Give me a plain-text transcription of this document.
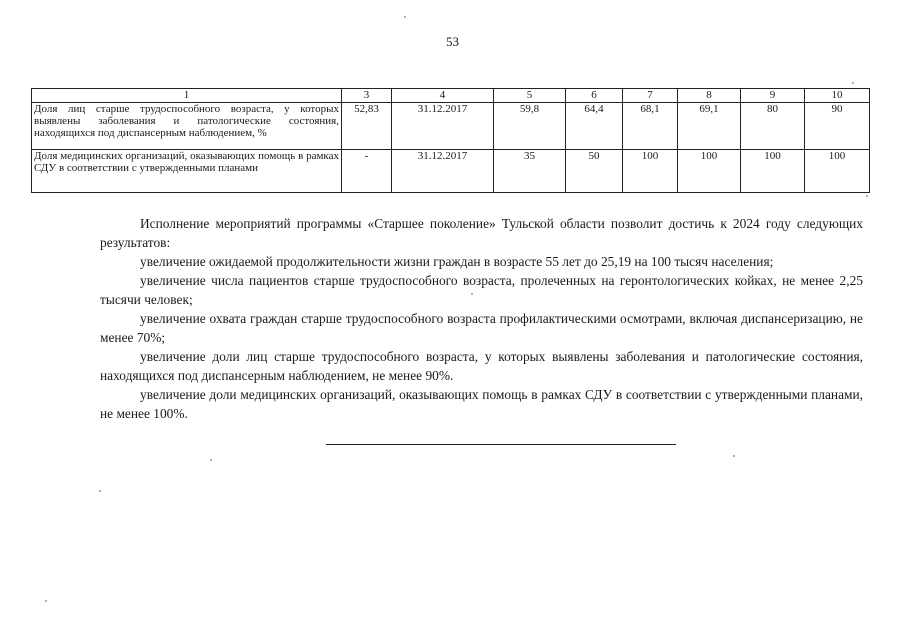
53
1	3	4	5	6	7	8	9	10
Доля лиц старше трудоспособного возраста, у которых выявлены заболевания и патологические состояния, находящихся под диспансерным наблюдением, %	52,83	31.12.2017	59,8	64,4	68,1	69,1	80	90
Доля медицинских организаций, оказывающих помощь в рамках СДУ в соответствии с утвержденными планами	-	31.12.2017	35	50	100	100	100	100

Исполнение мероприятий программы «Старшее поколение» Тульской области позволит достичь к 2024 году следующих результатов:

увеличение ожидаемой продолжительности жизни граждан в возрасте 55 лет до 25,19 на 100 тысяч населения;

увеличение числа пациентов старше трудоспособного возраста, пролеченных на геронтологических койках, не менее 2,25 тысячи человек;

увеличение охвата граждан старше трудоспособного возраста профилактическими осмотрами, включая диспансеризацию, не менее 70%;

увеличение доли лиц старше трудоспособного возраста, у которых выявлены заболевания и патологические состояния, находящихся под диспансерным наблюдением, не менее 90%.

увеличение доли медицинских организаций, оказывающих помощь в рамках СДУ в соответствии с утвержденными планами, не менее 100%.
